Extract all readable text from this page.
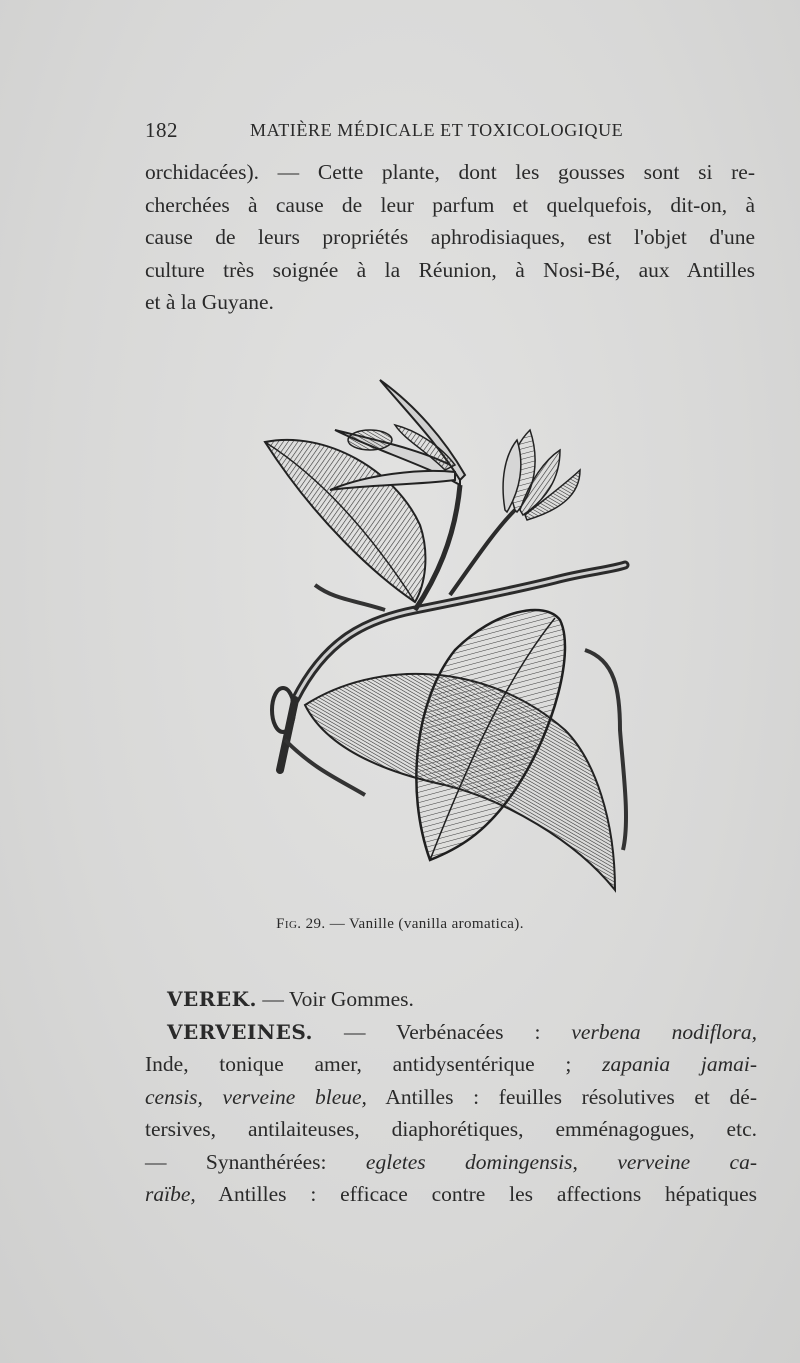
182	MATIÈRE MÉDICALE ET TOXICOLOGIQUE

orchidacées). — Cette plante, dont les gousses sont si re-
cherchées à cause de leur parfum et quelquefois, dit-on, à
cause de leurs propriétés aphrodisiaques, est l'objet d'une
culture très soignée à la Réunion, à Nosi-Bé, aux Antilles
et à la Guyane.

Fig. 29. — Vanille (vanilla aromatica).
VEREK. — Voir Gommes.
VERVEINES. — Verbénacées : verbena nodiflora,
Inde, tonique amer, antidysentérique ; zapania jamai-
censis, verveine bleue, Antilles : feuilles résolutives et dé-
tersives, antilaiteuses, diaphorétiques, emménagogues, etc.
— Synanthérées: egletes domingensis, verveine ca-
raïbe, Antilles : efficace contre les affections hépatiques
